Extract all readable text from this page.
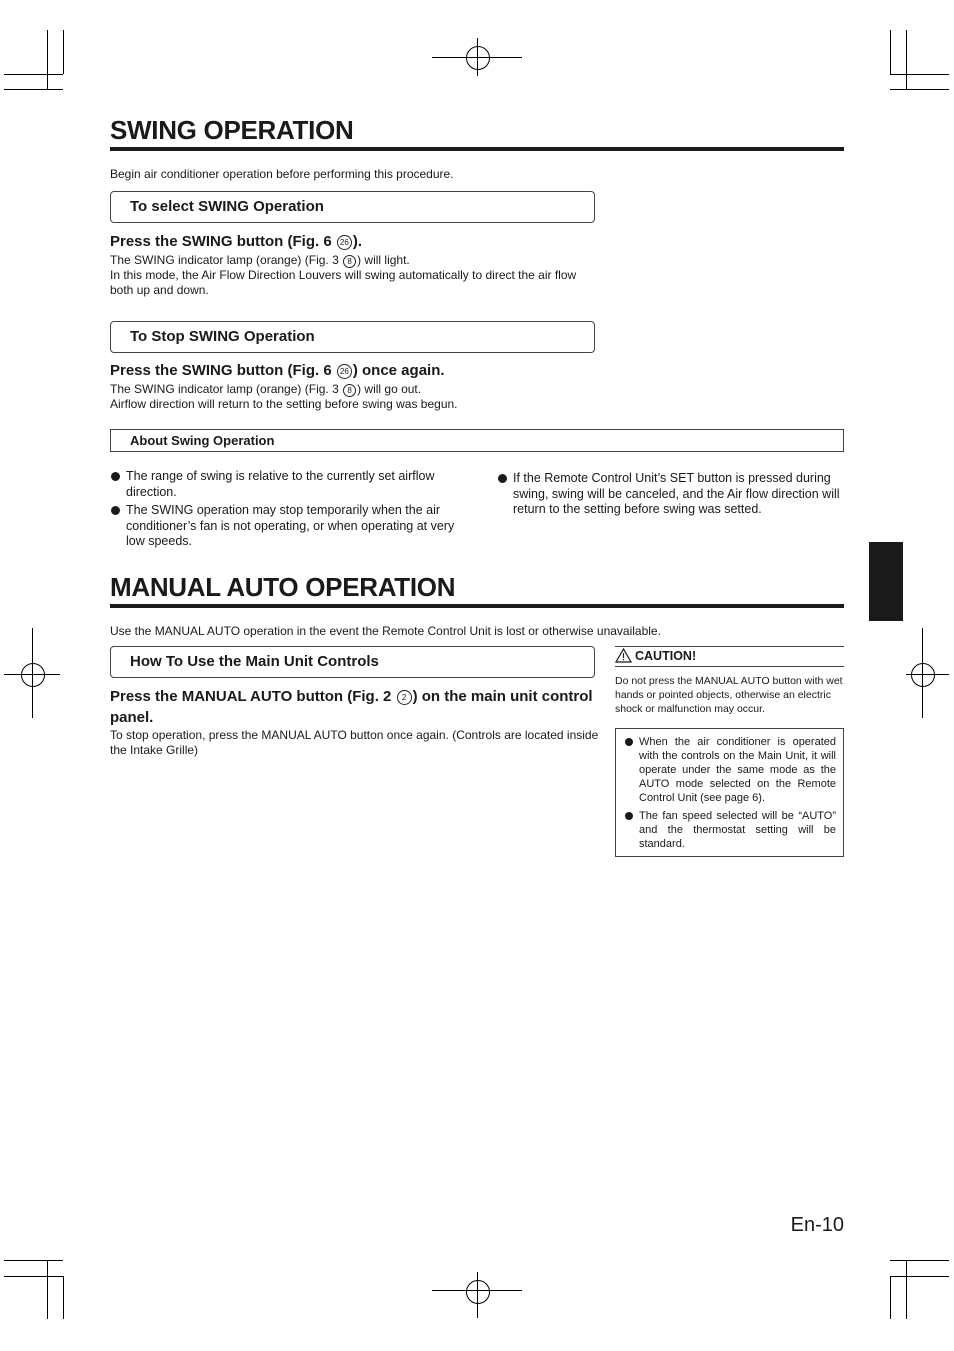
SWING OPERATION
Begin air conditioner operation before performing this procedure.
To select SWING Operation
Press the SWING button (Fig. 6 26 ).
The SWING indicator lamp (orange) (Fig. 3 8 ) will light.
In this mode, the Air Flow Direction Louvers will swing automatically to direct the air flow both up and down.
To Stop SWING Operation
Press the SWING button (Fig. 6 26 ) once again.
The SWING indicator lamp (orange) (Fig. 3 8 ) will go out.
Airflow direction will return to the setting before swing was begun.
About Swing Operation
The range of swing is relative to the currently set airflow direction.
The SWING operation may stop temporarily when the air conditioner’s fan is not operating, or when operating at very low speeds.
If the Remote Control Unit’s SET button is pressed during swing, swing will be canceled, and the Air flow direction will return to the setting before swing was setted.
MANUAL AUTO OPERATION
Use the MANUAL AUTO operation in the event the Remote Control Unit is lost or otherwise unavailable.
How To Use the Main Unit Controls
Press the MANUAL AUTO button (Fig. 2 2 ) on the main unit control panel.
To stop operation, press the MANUAL AUTO button once again. (Controls are located inside the Intake Grille)
CAUTION!
Do not press the MANUAL AUTO button with wet hands or pointed objects, otherwise an electric shock or malfunction may occur.
When the air conditioner is operated with the controls on the Main Unit, it will operate under the same mode as the AUTO mode selected on the Remote Control Unit (see page 6).
The fan speed selected will be “AUTO” and the thermostat setting will be standard.
En-10
